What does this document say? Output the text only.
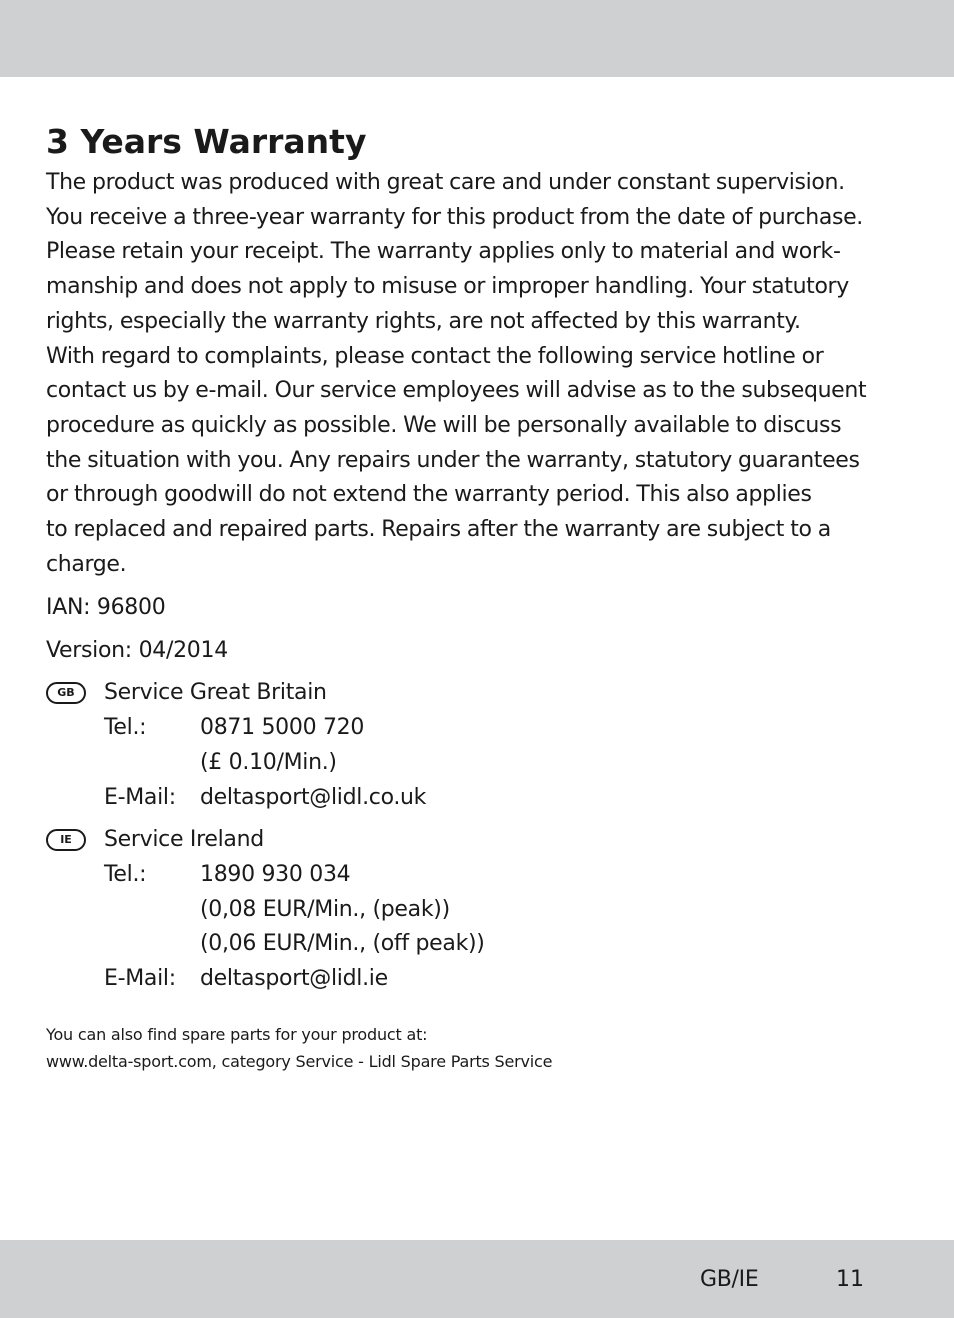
3 Years Warranty
The product was produced with great care and under constant supervision.
You receive a three-year warranty for this product from the date of purchase.
Please retain your receipt. The warranty applies only to material and work-
manship and does not apply to misuse or improper handling. Your statutory
rights, especially the warranty rights, are not affected by this warranty.
With regard to complaints, please contact the following service hotline or
contact us by e-mail. Our service employees will advise as to the subsequent
procedure as quickly as possible. We will be personally available to discuss
the situation with you. Any repairs under the warranty, statutory guarantees
or through goodwill do not extend the warranty period. This also applies
to replaced and repaired parts. Repairs after the warranty are subject to a
charge.

IAN: 96800

Version: 04/2014

GB	Service Great Britain
Tel.:	0871 5000 720
(£ 0.10/Min.)
E-Mail:	deltasport@lidl.co.uk
IE	Service Ireland
Tel.:	1890 930 034
(0,08 EUR/Min., (peak))
(0,06 EUR/Min., (off peak))
E-Mail:	deltasport@lidl.ie
You can also find spare parts for your product at:
www.delta-sport.com, category Service - Lidl Spare Parts Service
GB/IE	11
